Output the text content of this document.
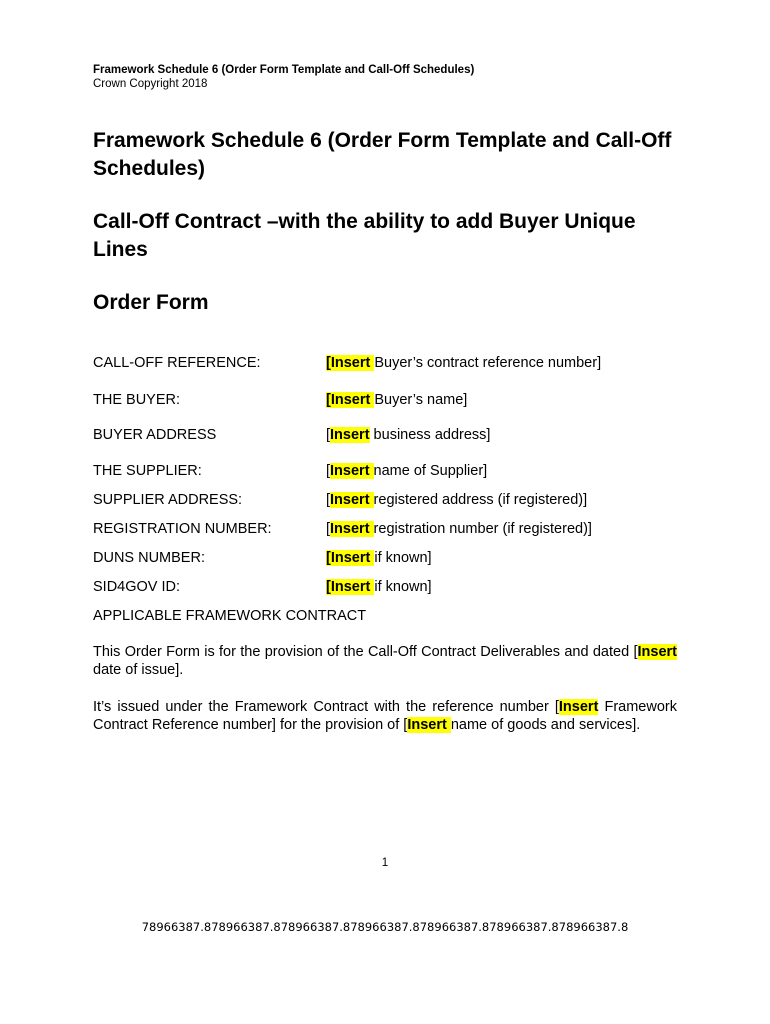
Framework Schedule 6 (Order Form Template and Call-Off Schedules)
Crown Copyright 2018
Framework Schedule 6 (Order Form Template and Call-Off Schedules)
Call-Off Contract –with the ability to add Buyer Unique Lines
Order Form
CALL-OFF REFERENCE:	[Insert Buyer’s contract reference number]
THE BUYER:	[Insert Buyer’s name]
BUYER ADDRESS	[Insert business address]
THE SUPPLIER:	[Insert name of Supplier]
SUPPLIER ADDRESS:	[Insert registered address (if registered)]
REGISTRATION NUMBER:	[Insert registration number (if registered)]
DUNS NUMBER:	[Insert if known]
SID4GOV ID:	[Insert if known]
APPLICABLE FRAMEWORK CONTRACT
This Order Form is for the provision of the Call-Off Contract Deliverables and dated [Insert date of issue].
It’s issued under the Framework Contract with the reference number [Insert Framework Contract Reference number] for the provision of [Insert name of goods and services].
1
78966387.878966387.878966387.878966387.878966387.878966387.878966387.8
